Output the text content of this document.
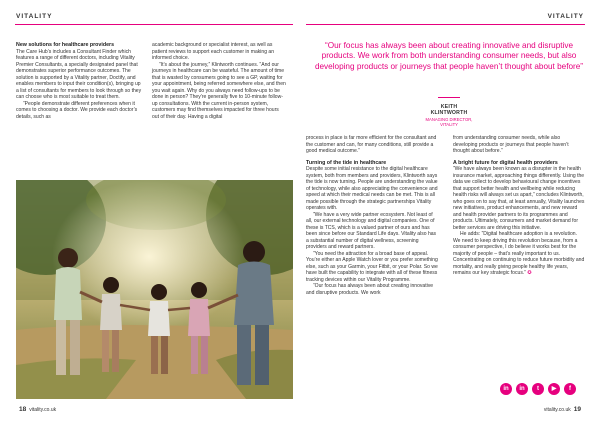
VITALITY	VITALITY
New solutions for healthcare providers

The Care Hub’s includes a Consultant Finder which features a range of different doctors, including Vitality Premier Consultants, a specially designated panel that demonstrates superior performance outcomes. The solution is supported by a Vitality partner, Doctify, and enables members to input their condition(s), bringing up a list of consultants for members to look through so they can choose who is most suitable to treat them.

“People demonstrate different preferences when it comes to choosing a doctor. We provide each doctor’s details, such as

academic background or specialist interest, as well as patient reviews to support each customer in making an informed choice.

“It’s about the journey,” Klintworth continues. “And our journeys in healthcare can be wasteful. The amount of time that is wasted by consumers going to see a GP, waiting for your appointment, being referred somewhere else, and then you wait again. Why do you always need follow-ups to be done in person? They’re generally five to 10-minute follow-up consultations. With the current in-person system, customers may find themselves impacted for three hours out of their day. Having a digital

“Our focus has always been about creating innovative and disruptive products. We work from both understanding consumer needs, but also developing products or journeys that people haven’t thought about before”
KEITH KLINTWORTH
MANAGING DIRECTOR,
VITALITY

process in place is far more efficient for the consultant and the customer and can, for many conditions, still provide a good medical outcome.”

Turning of the tide in healthcare

Despite some initial resistance to the digital healthcare system, both from members and providers, Klintworth says the tide is now turning. People are understanding the value of technology, while also appreciating the convenience and speed at which their medical needs can be met. This is all made possible through the strategic partnerships Vitality operates with.

“We have a very wide partner ecosystem. Not least of all, our external technology and digital companies. One of these is TCS, which is a valued partner of ours and has been since before our Standard Life days. Vitality also has a substantial number of digital wellness, screening providers and reward partners.

“You need the attraction for a broad base of appeal. You’re either an Apple Watch lover or you prefer something else, such as your Garmin, your Fitbit, or your Polar. So we have built the capability to integrate with all of these fitness tracking devices within our Vitality Programme.

“Our focus has always been about creating innovative and disruptive products. We work

from understanding consumer needs, while also developing products or journeys that people haven’t thought about before.”

A bright future for digital health providers

“We have always been known as a disrupter in the health insurance market, approaching things differently. Using the data we collect to develop behavioural change incentives that support better health and wellbeing while reducing health risks will always set us apart,” concludes Klintworth, who goes on to say that, at least annually, Vitality launches new initiatives, product enhancements, and new reward and health provider partners to its programmes and products. Ultimately, consumers and market demand for better services are driving this initiative.

He adds: “Digital healthcare adoption is a revolution. We need to keep driving this revolution because, from a consumer perspective, I do believe it works best for the majority of people – that’s really important to us. Concentrating on continuing to reduce future morbidity and mortality, and really giving people healthy life years, remains our key strategic focus.” ✪

in	in	t	▶	f
18 vitality.co.uk	vitality.co.uk 19
